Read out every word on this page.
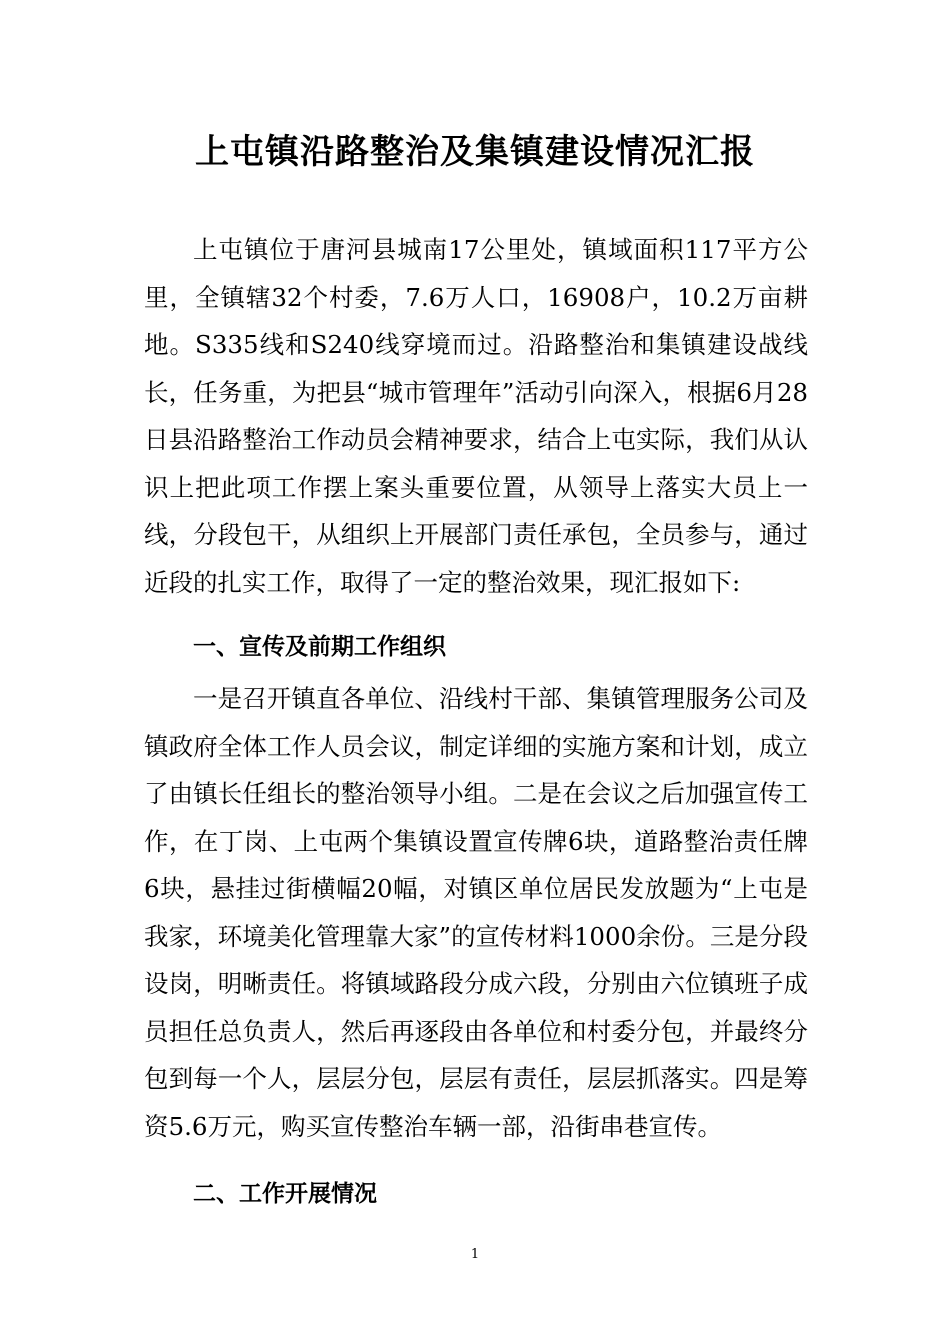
上屯镇沿路整治及集镇建设情况汇报

上屯镇位于唐河县城南17公里处，镇域面积117平方公里，全镇辖32个村委，7.6万人口，16908户，10.2万亩耕地。S335线和S240线穿境而过。沿路整治和集镇建设战线长，任务重，为把县“城市管理年”活动引向深入，根据6月28日县沿路整治工作动员会精神要求，结合上屯实际，我们从认识上把此项工作摆上案头重要位置，从领导上落实大员上一线，分段包干，从组织上开展部门责任承包，全员参与，通过近段的扎实工作，取得了一定的整治效果，现汇报如下:

一、宣传及前期工作组织

一是召开镇直各单位、沿线村干部、集镇管理服务公司及镇政府全体工作人员会议，制定详细的实施方案和计划，成立了由镇长任组长的整治领导小组。二是在会议之后加强宣传工作，在丁岗、上屯两个集镇设置宣传牌6块，道路整治责任牌6块，悬挂过街横幅20幅，对镇区单位居民发放题为“上屯是我家，环境美化管理靠大家”的宣传材料1000余份。三是分段设岗，明晰责任。将镇域路段分成六段，分别由六位镇班子成员担任总负责人，然后再逐段由各单位和村委分包，并最终分包到每一个人，层层分包，层层有责任，层层抓落实。四是筹资5.6万元，购买宣传整治车辆一部，沿街串巷宣传。

二、工作开展情况
1
